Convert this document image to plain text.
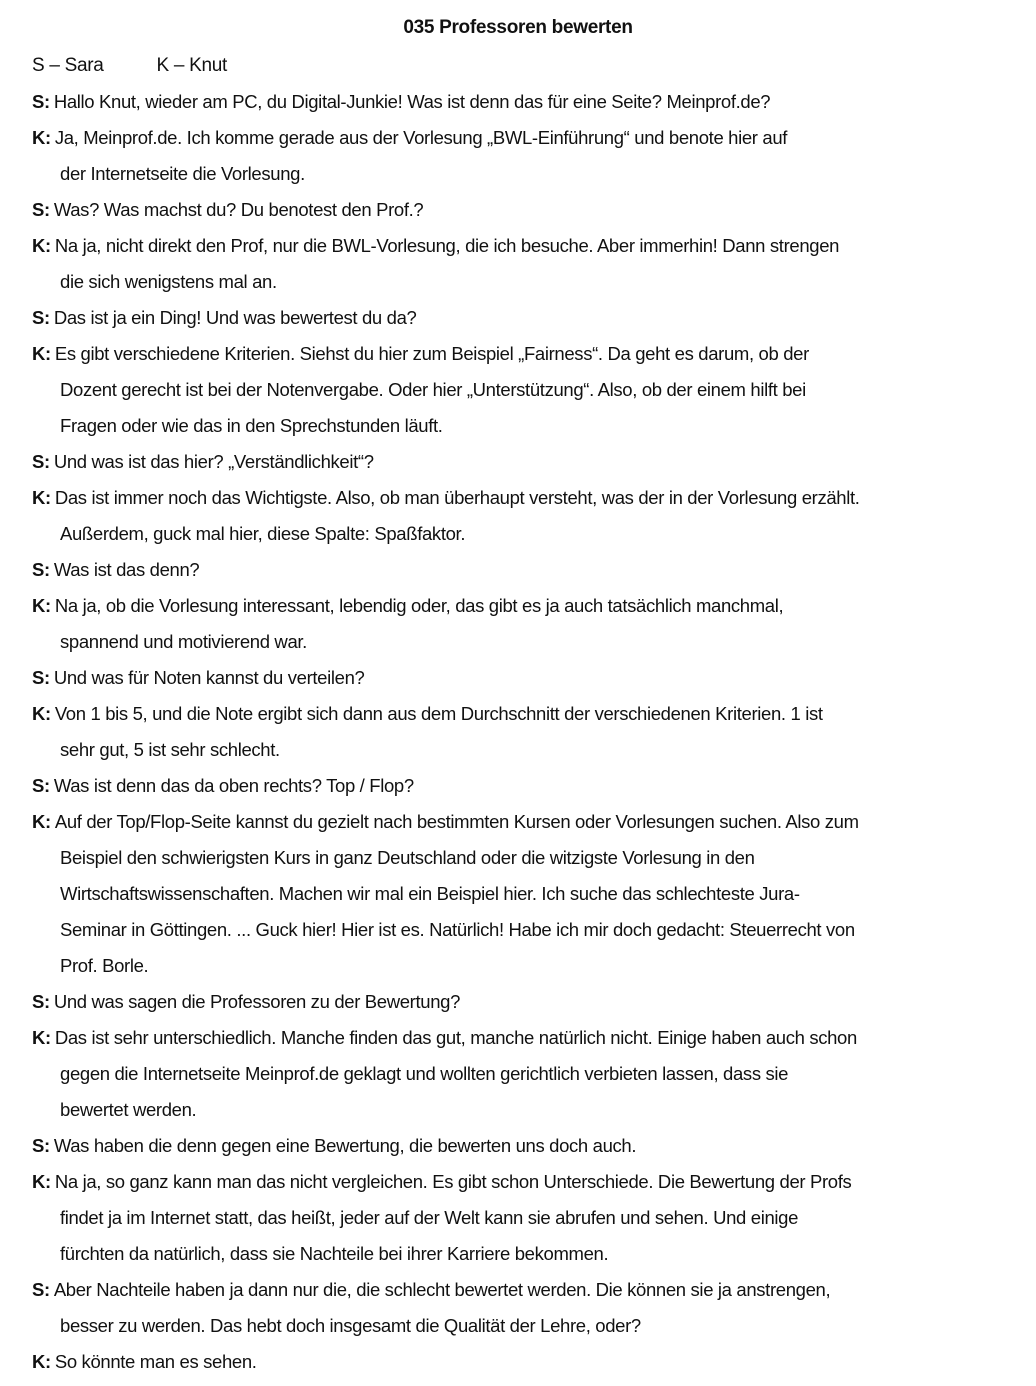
035 Professoren bewerten
S – Sara	K – Knut
S: Hallo Knut, wieder am PC, du Digital-Junkie! Was ist denn das für eine Seite? Meinprof.de?
K: Ja, Meinprof.de. Ich komme gerade aus der Vorlesung „BWL-Einführung“ und benote hier auf
der Internetseite die Vorlesung.
S: Was? Was machst du? Du benotest den Prof.?
K: Na ja, nicht direkt den Prof, nur die BWL-Vorlesung, die ich besuche. Aber immerhin! Dann strengen
die sich wenigstens mal an.
S: Das ist ja ein Ding! Und was bewertest du da?
K: Es gibt verschiedene Kriterien. Siehst du hier zum Beispiel „Fairness“. Da geht es darum, ob der
Dozent gerecht ist bei der Notenvergabe. Oder hier „Unterstützung“. Also, ob der einem hilft bei
Fragen oder wie das in den Sprechstunden läuft.
S: Und was ist das hier? „Verständlichkeit“?
K: Das ist immer noch das Wichtigste. Also, ob man überhaupt versteht, was der in der Vorlesung erzählt.
Außerdem, guck mal hier, diese Spalte: Spaßfaktor.
S: Was ist das denn?
K: Na ja, ob die Vorlesung interessant, lebendig oder, das gibt es ja auch tatsächlich manchmal,
spannend und motivierend war.
S: Und was für Noten kannst du verteilen?
K: Von 1 bis 5, und die Note ergibt sich dann aus dem Durchschnitt der verschiedenen Kriterien. 1 ist
sehr gut, 5 ist sehr schlecht.
S: Was ist denn das da oben rechts? Top / Flop?
K: Auf der Top/Flop-Seite kannst du gezielt nach bestimmten Kursen oder Vorlesungen suchen. Also zum
Beispiel den schwierigsten Kurs in ganz Deutschland oder die witzigste Vorlesung in den
Wirtschaftswissenschaften. Machen wir mal ein Beispiel hier. Ich suche das schlechteste Jura-
Seminar in Göttingen. ... Guck hier! Hier ist es. Natürlich! Habe ich mir doch gedacht: Steuerrecht von
Prof. Borle.
S: Und was sagen die Professoren zu der Bewertung?
K: Das ist sehr unterschiedlich. Manche finden das gut, manche natürlich nicht. Einige haben auch schon
gegen die Internetseite Meinprof.de geklagt und wollten gerichtlich verbieten lassen, dass sie
bewertet werden.
S: Was haben die denn gegen eine Bewertung, die bewerten uns doch auch.
K: Na ja, so ganz kann man das nicht vergleichen. Es gibt schon Unterschiede. Die Bewertung der Profs
findet ja im Internet statt, das heißt, jeder auf der Welt kann sie abrufen und sehen. Und einige
fürchten da natürlich, dass sie Nachteile bei ihrer Karriere bekommen.
S: Aber Nachteile haben ja dann nur die, die schlecht bewertet werden. Die können sie ja anstrengen,
besser zu werden. Das hebt doch insgesamt die Qualität der Lehre, oder?
K: So könnte man es sehen.
